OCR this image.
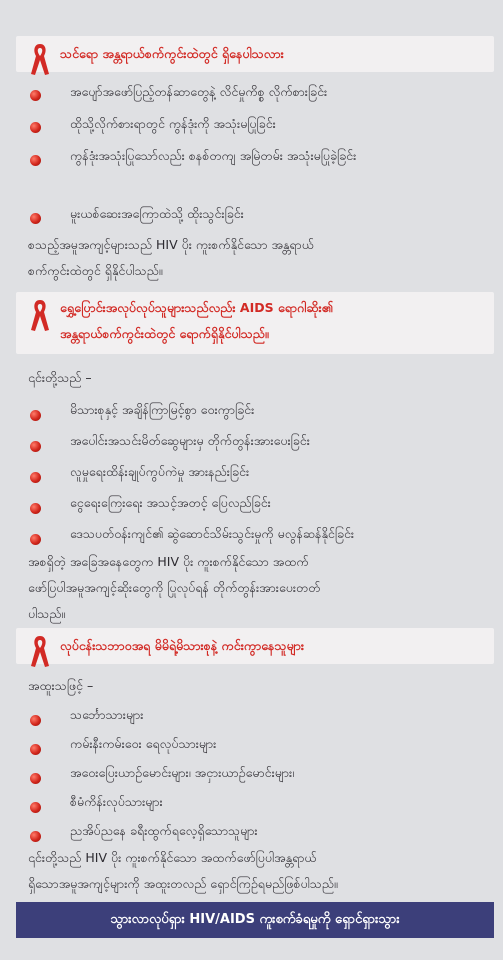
သင်ရော အန္တရာယ်စက်ကွင်းထဲတွင် ရှိနေပါသလား
အပျော်အဖော်ပြည့်တန်ဆာတွေနဲ့ လိင်မှုကိစ္စ လိုက်စားခြင်း
ထိုသို့လိုက်စားရာတွင် ကွန်ဒုံးကို အသုံးမပြုခြင်း
ကွန်ဒုံးအသုံးပြုသော်လည်း စနစ်တကျ အမြဲတမ်း အသုံးမပြုခဲ့ခြင်း
မူးယစ်ဆေးအကြောထဲသို့ ထိုးသွင်းခြင်း
စသည့်အမူအကျင့်များသည် HIV ပိုး ကူးစက်နိုင်သော အန္တရာယ်
စက်ကွင်းထဲတွင် ရှိနိုင်ပါသည်။
ရွှေ့ပြောင်းအလုပ်လုပ်သူများသည်လည်း AIDS ရောဂါဆိုး၏
အန္တရာယ်စက်ကွင်းထဲတွင် ရောက်ရှိနိုင်ပါသည်။
၎င်းတို့သည် –
မိသားစုနှင့် အချိန်ကြာမြင့်စွာ ဝေးကွာခြင်း
အပေါင်းအသင်းမိတ်ဆွေများမှ တိုက်တွန်းအားပေးခြင်း
လူမှုရေးထိန်းချုပ်ကွပ်ကဲမှု အားနည်းခြင်း
ငွေရေးကြေးရေး အသင့်အတင့် ပြေလည်ခြင်း
ဒေသပတ်ဝန်းကျင်၏ ဆွဲဆောင်သိမ်းသွင်းမှုကို မလွန်ဆန်နိုင်ခြင်း
အစရှိတဲ့ အခြေအနေတွေက HIV ပိုး ကူးစက်နိုင်သော အထက်
ဖော်ပြပါအမူအကျင့်ဆိုးတွေကို ပြုလုပ်ရန် တိုက်တွန်းအားပေးတတ်
ပါသည်။
လုပ်ငန်းသဘာဝအရ မိမိရဲ့မိသားစုနဲ့ ကင်းကွာနေသူများ
အထူးသဖြင့် –
သင်္ဘောသားများ
ကမ်းနီးကမ်းဝေး ရေလုပ်သားများ
အဝေးပြေးယာဉ်မောင်းများ၊ အငှားယာဉ်မောင်းများ၊
စီမံကိန်းလုပ်သားများ
ညအိပ်ညနေ ခရီးထွက်ရလေ့ရှိသောသူများ
၎င်းတို့သည် HIV ပိုး ကူးစက်နိုင်သော အထက်ဖော်ပြပါအန္တရာယ်
ရှိသောအမူအကျင့်များကို အထူးတလည် ရှောင်ကြဉ်ရမည်ဖြစ်ပါသည်။
သွားလာလုပ်ရှား HIV/AIDS ကူးစက်ခံရမှုကို ရှောင်ရှားသွား
